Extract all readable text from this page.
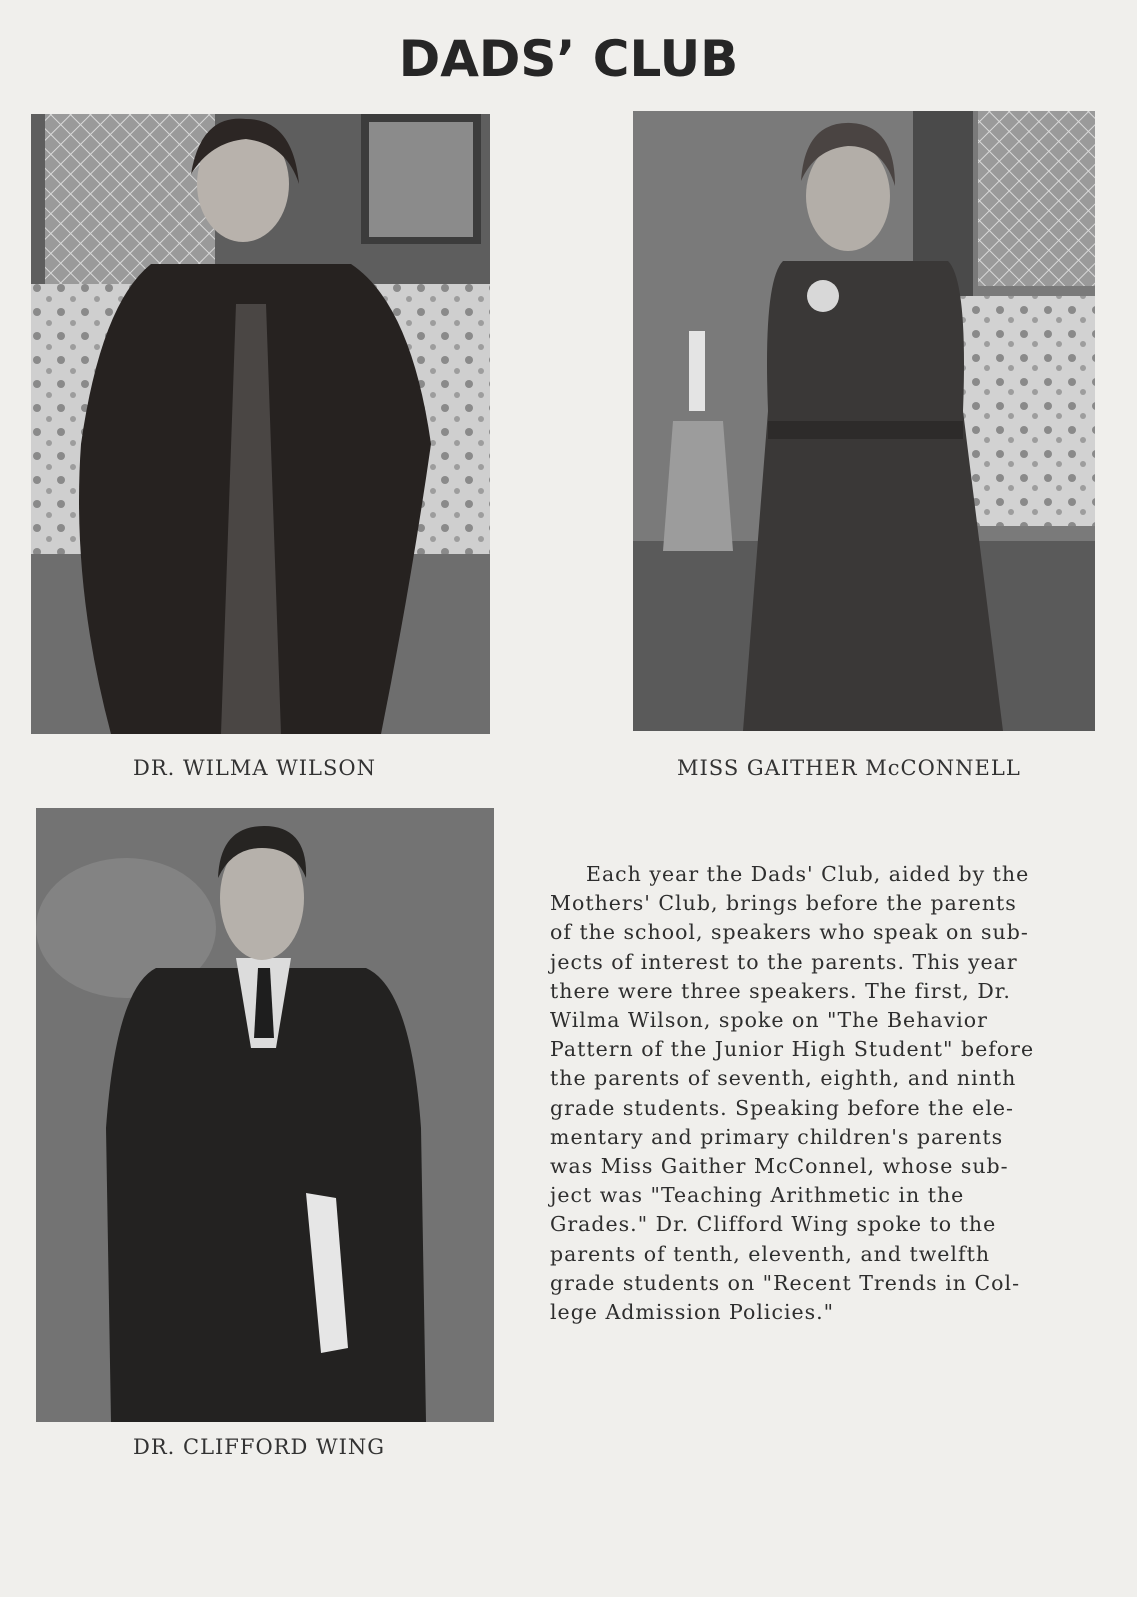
DADS’ CLUB
DR. WILMA WILSON	MISS GAITHER McCONNELL
DR. CLIFFORD WING
Each year the Dads' Club, aided by the
Mothers' Club, brings before the parents
of the school, speakers who speak on sub-
jects of interest to the parents. This year
there were three speakers. The first, Dr.
Wilma Wilson, spoke on "The Behavior
Pattern of the Junior High Student" before
the parents of seventh, eighth, and ninth
grade students. Speaking before the ele-
mentary and primary children's parents
was Miss Gaither McConnel, whose sub-
ject was "Teaching Arithmetic in the
Grades." Dr. Clifford Wing spoke to the
parents of tenth, eleventh, and twelfth
grade students on "Recent Trends in Col-
lege Admission Policies."
